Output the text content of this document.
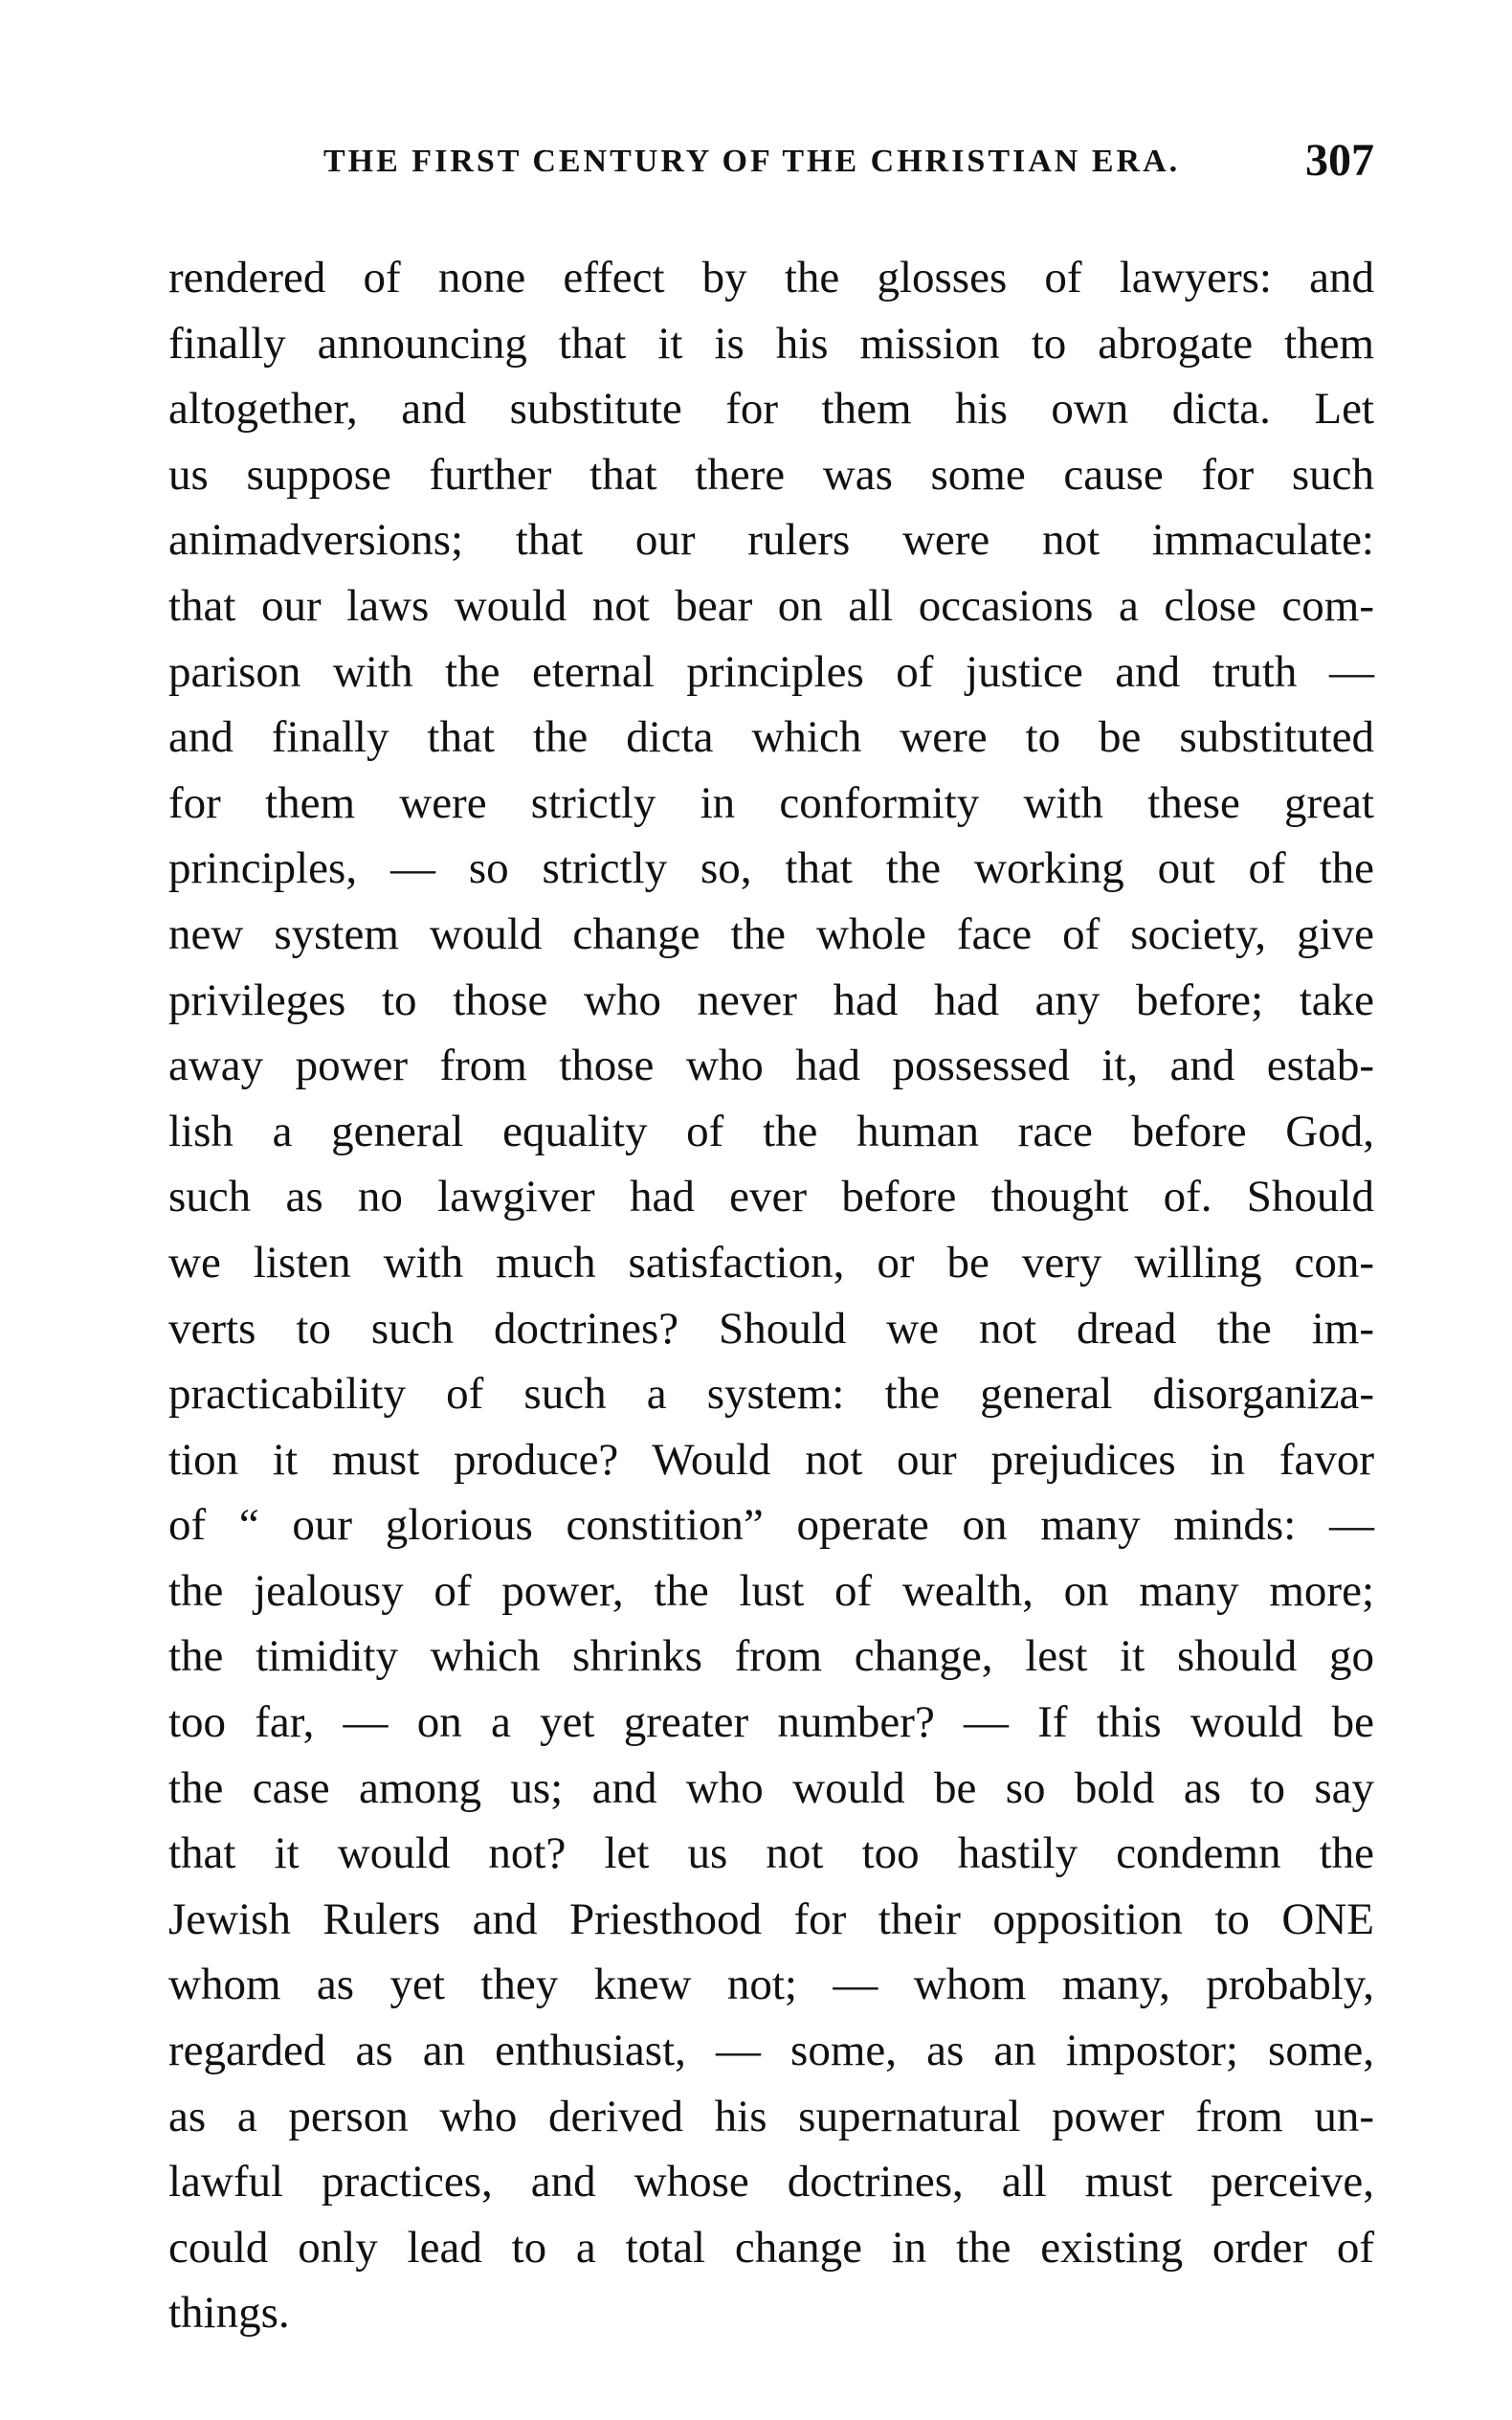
THE FIRST CENTURY OF THE CHRISTIAN ERA.	307
rendered of none effect by the glosses of lawyers: and
finally announcing that it is his mission to abrogate them
altogether, and substitute for them his own dicta. Let
us suppose further that there was some cause for such
animadversions; that our rulers were not immaculate:
that our laws would not bear on all occasions a close com-
parison with the eternal principles of justice and truth —
and finally that the dicta which were to be substituted
for them were strictly in conformity with these great
principles, — so strictly so, that the working out of the
new system would change the whole face of society, give
privileges to those who never had had any before; take
away power from those who had possessed it, and estab-
lish a general equality of the human race before God,
such as no lawgiver had ever before thought of. Should
we listen with much satisfaction, or be very willing con-
verts to such doctrines? Should we not dread the im-
practicability of such a system: the general disorganiza-
tion it must produce? Would not our prejudices in favor
of “ our glorious constition” operate on many minds: —
the jealousy of power, the lust of wealth, on many more;
the timidity which shrinks from change, lest it should go
too far, — on a yet greater number? — If this would be
the case among us; and who would be so bold as to say
that it would not? let us not too hastily condemn the
Jewish Rulers and Priesthood for their opposition to ONE
whom as yet they knew not; — whom many, probably,
regarded as an enthusiast, — some, as an impostor; some,
as a person who derived his supernatural power from un-
lawful practices, and whose doctrines, all must perceive,
could only lead to a total change in the existing order of
things.
